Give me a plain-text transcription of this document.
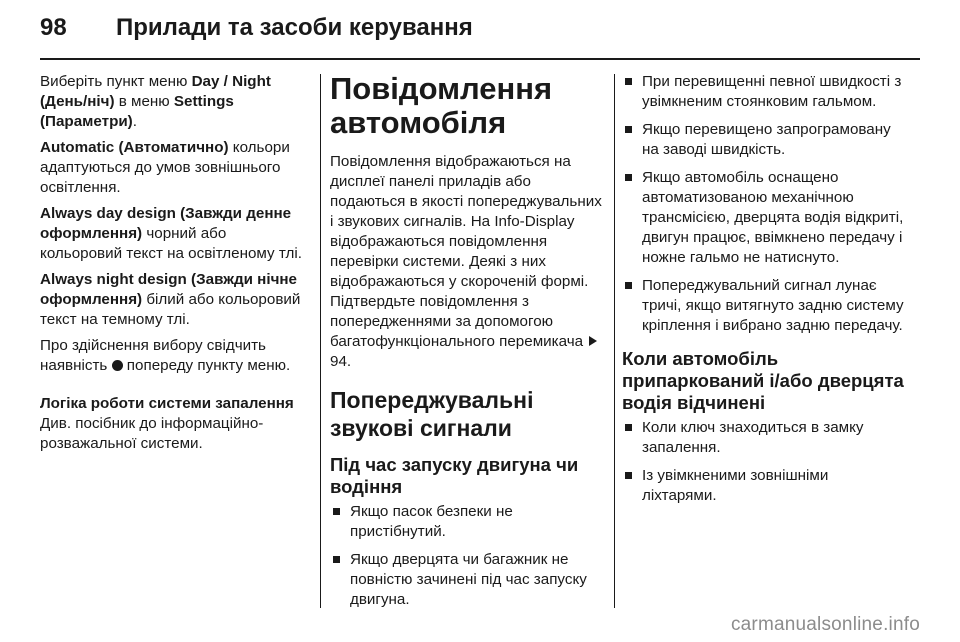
98	Прилади та засоби керування

Виберіть пункт меню Day / Night (День/ніч) в меню Settings (Параметри).

Automatic (Автоматично) кольори адаптуються до умов зовнішнього освітлення.

Always day design (Завжди денне оформлення) чорний або кольоровий текст на освітленому тлі.

Always night design (Завжди нічне оформлення) білий або кольоровий текст на темному тлі.

Про здійснення вибору свідчить наявність  попереду пункту меню.

Логіка роботи системи запалення

Див. посібник до інформаційно-розважальної системи.

Повідомлення автомобіля

Повідомлення відображаються на дисплеї панелі приладів або подаються в якості попереджувальних і звукових сигналів. На Info-Display відображаються повідомлення перевірки системи. Деякі з них відображаються у скороченій формі. Підтвердьте повідомлення з попередженнями за допомогою багатофункціонального перемикача  94.

Попереджувальні звукові сигнали
Під час запуску двигуна чи водіння
Якщо пасок безпеки не пристібнутий.
Якщо дверцята чи багажник не повністю зачинені під час запуску двигуна.
При перевищенні певної швидкості з увімкненим стоянковим гальмом.
Якщо перевищено запрограмовану на заводі швидкість.
Якщо автомобіль оснащено автоматизованою механічною трансмісією, дверцята водія відкриті, двигун працює, ввімкнено передачу і ножне гальмо не натиснуто.
Попереджувальний сигнал лунає тричі, якщо витягнуто задню систему кріплення і вибрано задню передачу.
Коли автомобіль припаркований і/або дверцята водія відчинені
Коли ключ знаходиться в замку запалення.
Із увімкненими зовнішніми ліхтарями.
carmanualsonline.info
